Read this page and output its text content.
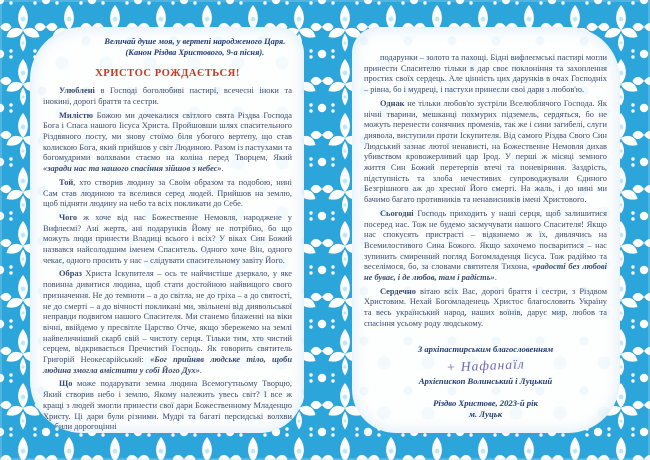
Величай душе моя, у вертепі народженого Царя.
(Канон Різдва Христового, 9-а пісня).
ХРИСТОС РОЖДАЄТЬСЯ!

Улюблені в Господі боголюбиві пастирі, всечесні іноки та інокині, дорогі браття та сестри.

Милістю Божою ми дочекалися світлого свята Різдва Господа Бога і Спаса нашого Іісуса Христа. Пройшовши шлях спасительного Різдвяного посту, ми знову стоїмо біля убогого вертепу, що став колискою Бога, який прийшов у світ Людиною. Разом із пастухами та богомудрими волхвами стаємо на коліна перед Творцем, Який «заради нас та нашого спасіння зійшов з небес».

Той, хто створив людину за Своїм образом та подобою, нині Сам став людиною та вселився серед людей. Прийшов на землю, щоб підняти людину на небо та всіх покликати до Себе.

Чого ж хоче від нас Божественне Немовля, народжене у Вифлеємі? Ані жертв, ані подарунків Йому не потрібно, бо що можуть люди принести Владиці всього і всіх? У віках Син Божий назвався найсолодшим іменем Спаситель. Одного хоче Він, одного чекає, одного просить у нас – слідувати спасительному завіту Його.

Образ Христа Іскупителя – ось те найчистіше дзеркало, у яке повинна дивитися людина, щоб стати достойною найвищого свого призначення. Не до темноти – а до світла, не до гріха – а до святості, не до смерті – а до вічності покликані ми, звільнені від диявольської неправди подвигом нашого Спасителя. Ми станемо блаженні на віки вічні, ввійдемо у пресвітле Царство Отче, якщо збережемо на землі найвеличніший скарб свій – чистоту серця. Тільки тим, хто чистий серцем, відкривається Пречистий Господь. Як говорить святитель Григорій Неокесарійський: «Бог прийняв людське тіло, щоби людина змогла вмістити у собі Його Дух».

Що може подарувати земна людина Всемогутньому Творцю, Який створив небо і землю, Якому належить увесь світ? І все ж кращі з людей змогли принести свої дари Божественному Младенцю Христу. Ці дари були різними. Мудрі та багаті персидські волхви зробили дорогоцінні

подарунки – золото та пахощі. Бідні вифлеємські пастирі могли принести Спасителю тільки в дар своє поклоніння та захоплення простих своїх сердець. Але цінність цих дарунків в очах Господніх – рівна, бо і мудреці, і пастухи принесли свої дари з любов'ю.

Однак не тільки любов'ю зустріли Вселюблячого Господа. Як нічні тварини, мешканці похмурих підземель, сердяться, бо не можуть перенести сонячних променів, так же і сини загибелі, слуги диявола, виступили проти Іскупителя. Від самого Різдва Свого Син Людський зазнає лютої ненависті, на Божественне Немовля дихав убивством кровожерливий цар Ірод. У перші ж місяці земного життя Син Божий перетерпів втечі та поневіряння. Заздрість, підступність та злоба нечестивих супроводжували Єдиного Безгрішного аж до хресної Його смерті. На жаль, і до нині ми бачимо багато противників та ненависників імені Христового.

Сьогодні Господь приходить у наші серця, щоб залишитися посеред нас. Тож не будемо засмучувати нашого Спасителя! Якщо нас спокусять пристрасті – відкинемо ж їх, дивлячись на Всемилостивого Сина Божого. Якщо захочемо посваритися – нас зупинить смиренний погляд Богомладенця Іісуса. Тож радіймо та веселімося, бо, за словами святителя Тихона, «радості без любові не буває, і де любов, там і радість».

Сердечно вітаю всіх Вас, дорогі браття і сестри, з Різдвом Христовим. Нехай Богомладенець Христос благословить Україну та весь український народ, наших воїнів, дарує мир, любов та спасіння усьому роду людському.

З архіпастирським благословенням
+ Нафанаїл
Архієпископ Волинський і Луцький
Різдво Христове, 2023-й рік
м. Луцьк
